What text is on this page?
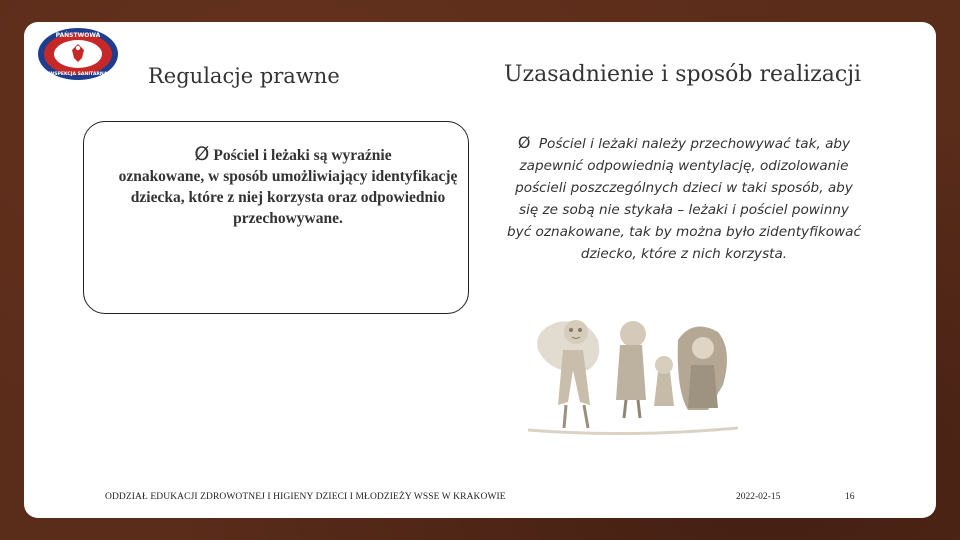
PAŃSTWOWA
INSPEKCJA SANITARNA Regulacje prawne	Uzasadnienie i sposób realizacji

Ø Pościel i leżaki są wyraźnie
oznakowane, w sposób umożliwiający identyfikację dziecka, które z niej korzysta oraz odpowiednio przechowywane.

Ø Pościel i leżaki należy przechowywać tak, aby zapewnić odpowiednią wentylację, odizolowanie pościeli poszczególnych dzieci w taki sposób, aby się ze sobą nie stykała – leżaki i pościel powinny być oznakowane, tak by można było zidentyfikować dziecko, które z nich korzysta.

ODDZIAŁ EDUKACJI ZDROWOTNEJ I HIGIENY DZIECI I MŁODZIEŻY WSSE W KRAKOWIE	2022-02-15	16
